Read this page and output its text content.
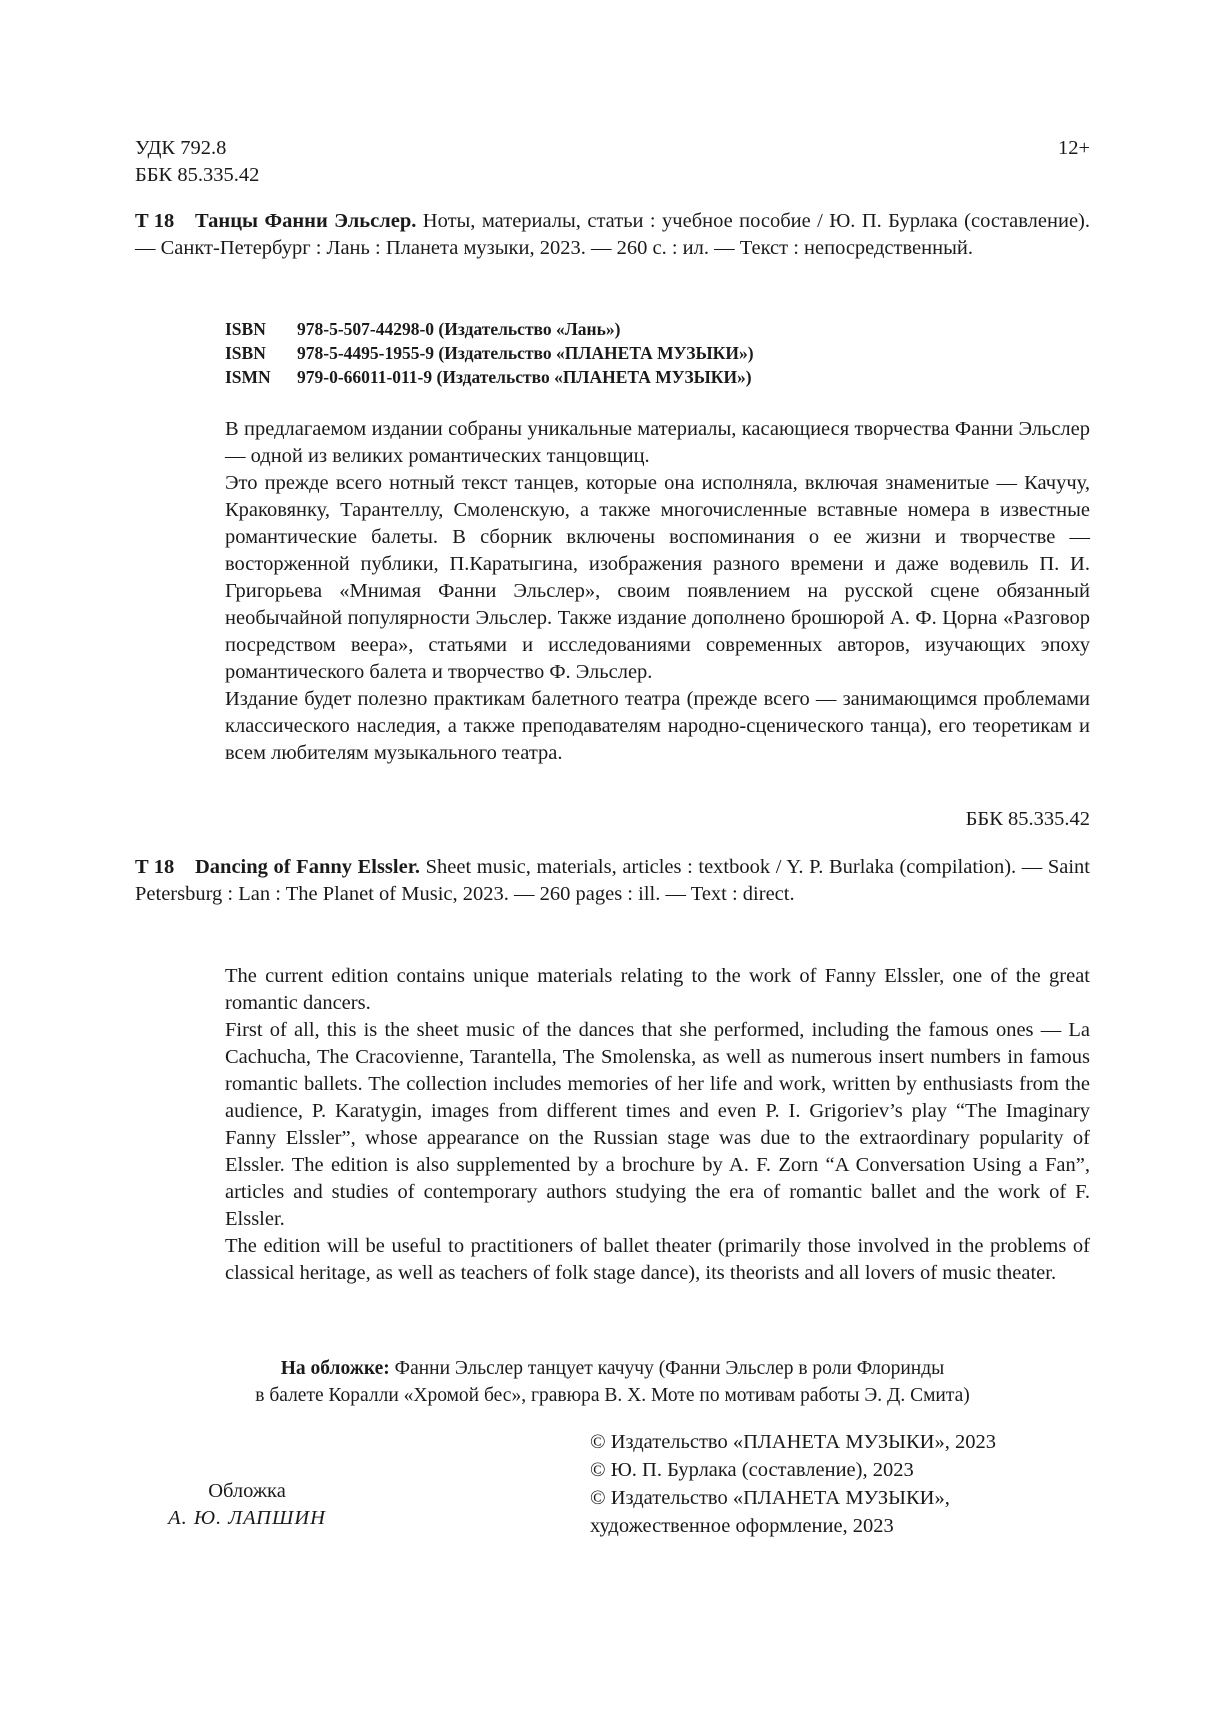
УДК 792.8
ББК 85.335.42
12+
Т 18 Танцы Фанни Эльслер. Ноты, материалы, статьи : учебное пособие / Ю. П. Бурлака (составление). — Санкт-Петербург : Лань : Планета музыки, 2023. — 260 с. : ил. — Текст : непосредственный.
ISBN 978-5-507-44298-0 (Издательство «Лань»)
ISBN 978-5-4495-1955-9 (Издательство «ПЛАНЕТА МУЗЫКИ»)
ISMN 979-0-66011-011-9 (Издательство «ПЛАНЕТА МУЗЫКИ»)

В предлагаемом издании собраны уникальные материалы, касающиеся творчества Фанни Эльслер — одной из великих романтических танцовщиц.

Это прежде всего нотный текст танцев, которые она исполняла, включая знаменитые — Качучу, Краковянку, Тарантеллу, Смоленскую, а также многочисленные вставные номера в известные романтические балеты. В сборник включены воспоминания о ее жизни и творчестве — восторженной публики, П.Каратыгина, изображения разного времени и даже водевиль П. И. Григорьева «Мнимая Фанни Эльслер», своим появлением на русской сцене обязанный необычайной популярности Эльслер. Также издание дополнено брошюрой А. Ф. Цорна «Разговор посредством веера», статьями и исследованиями современных авторов, изучающих эпоху романтического балета и творчество Ф. Эльслер.

Издание будет полезно практикам балетного театра (прежде всего — занимающимся проблемами классического наследия, а также преподавателям народно-сценического танца), его теоретикам и всем любителям музыкального театра.

ББК 85.335.42
Т 18 Dancing of Fanny Elssler. Sheet music, materials, articles : textbook / Y. P. Burlaka (compilation). — Saint Petersburg : Lan : The Planet of Music, 2023. — 260 pages : ill. — Text : direct.

The current edition contains unique materials relating to the work of Fanny Elssler, one of the great romantic dancers.

First of all, this is the sheet music of the dances that she performed, including the famous ones — La Cachucha, The Cracovienne, Tarantella, The Smolenska, as well as numerous insert numbers in famous romantic ballets. The collection includes memories of her life and work, written by enthusiasts from the audience, P. Karatygin, images from different times and even P. I. Grigoriev’s play “The Imaginary Fanny Elssler”, whose appearance on the Russian stage was due to the extraordinary popularity of Elssler. The edition is also supplemented by a brochure by A. F. Zorn “A Conversation Using a Fan”, articles and studies of contemporary authors studying the era of romantic ballet and the work of F. Elssler.

The edition will be useful to practitioners of ballet theater (primarily those involved in the problems of classical heritage, as well as teachers of folk stage dance), its theorists and all lovers of music theater.

На обложке: Фанни Эльслер танцует качучу (Фанни Эльслер в роли Флоринды
в балете Коралли «Хромой бес», гравюра В. Х. Моте по мотивам работы Э. Д. Смита)
Обложка
А. Ю. ЛАПШИН
© Издательство «ПЛАНЕТА МУЗЫКИ», 2023
© Ю. П. Бурлака (составление), 2023
© Издательство «ПЛАНЕТА МУЗЫКИ»,
художественное оформление, 2023
